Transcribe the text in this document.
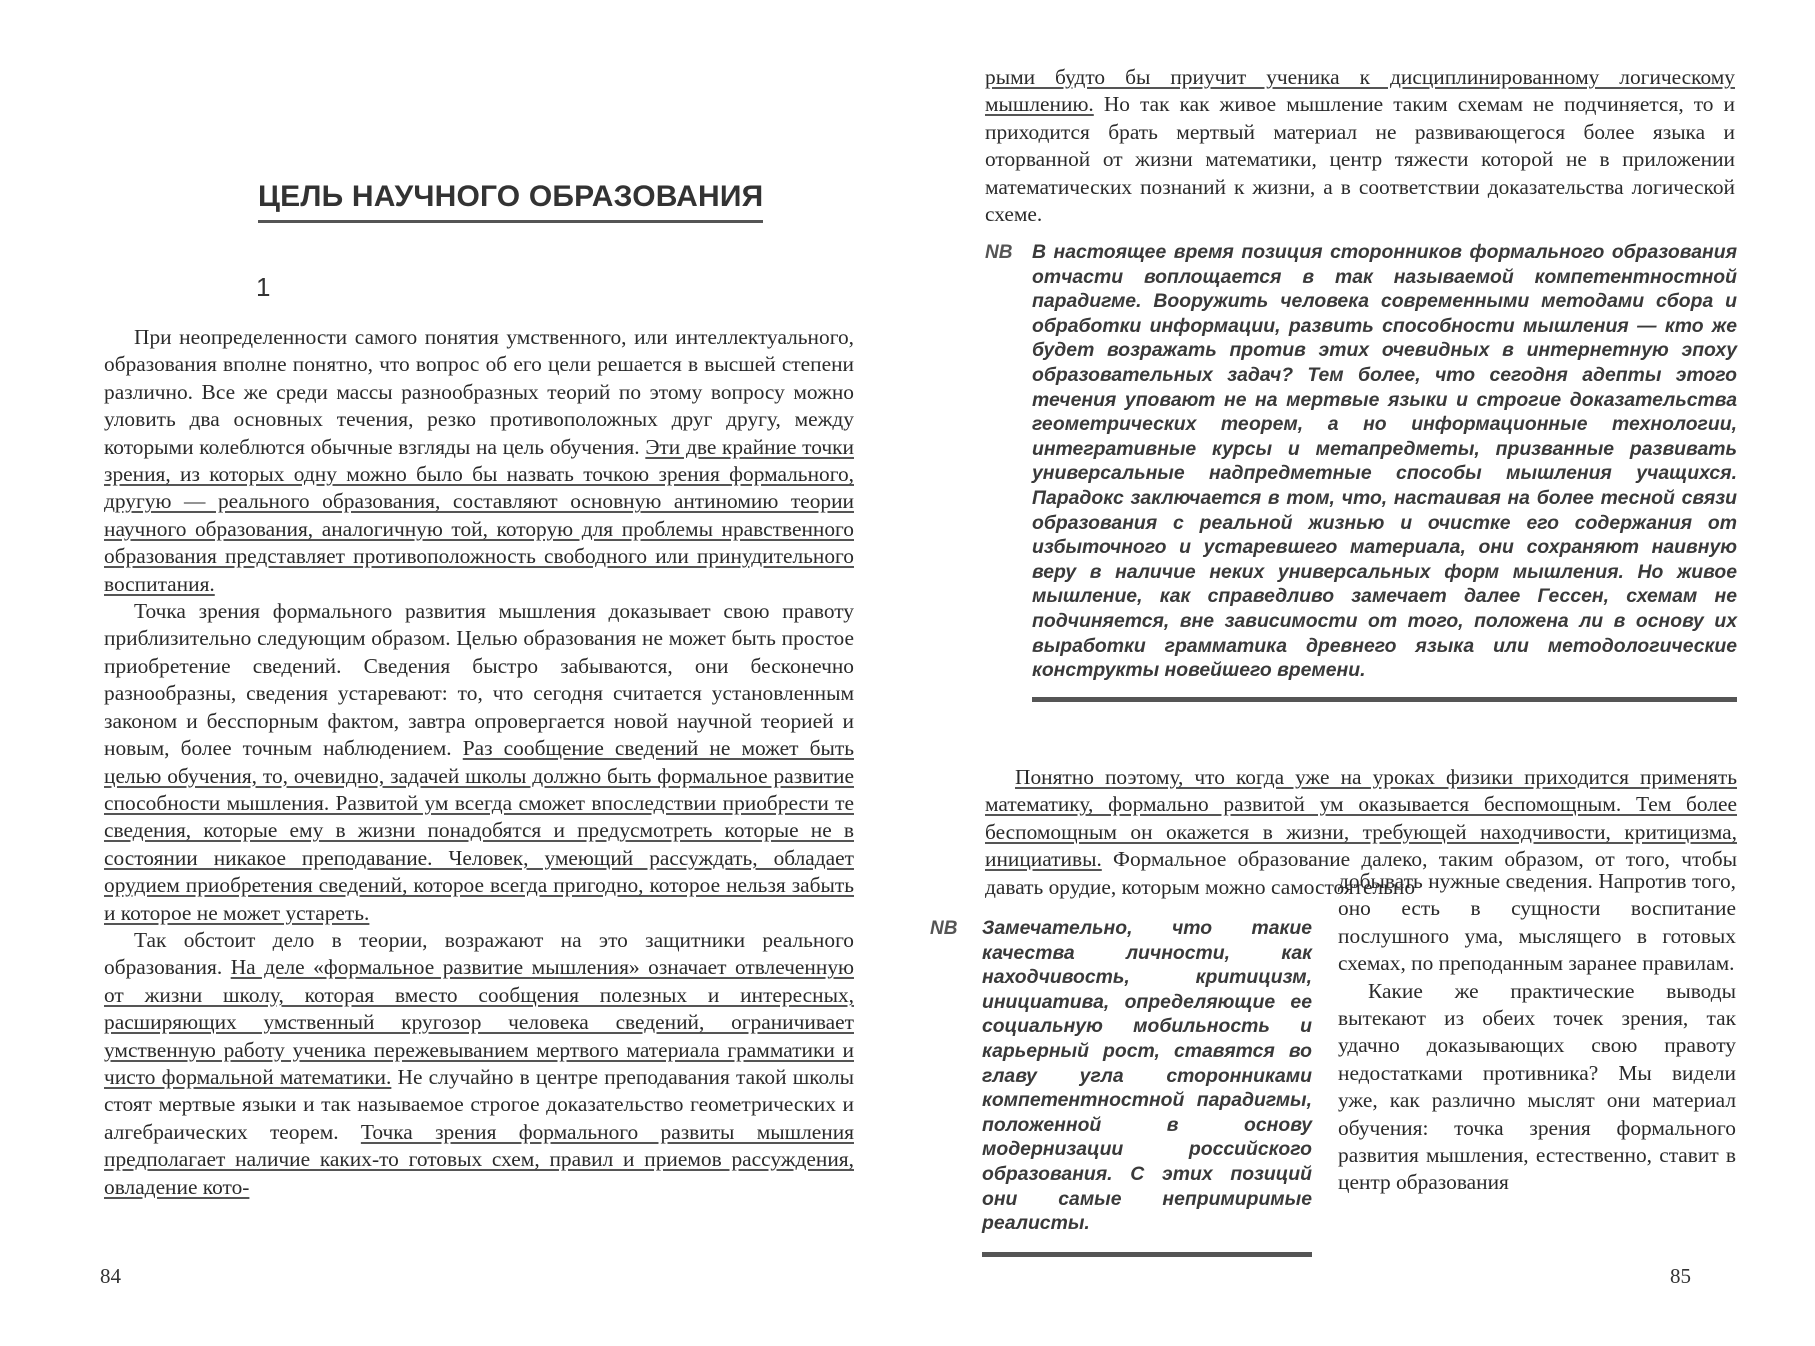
ЦЕЛЬ НАУЧНОГО ОБРАЗОВАНИЯ
1

При неопределенности самого понятия умственного, или интеллектуального, образования вполне понятно, что вопрос об его цели решается в высшей степени различно. Все же среди массы разнообразных теорий по этому вопросу можно уловить два основных течения, резко противоположных друг другу, между которыми колеблются обычные взгляды на цель обучения. Эти две крайние точки зрения, из которых одну можно было бы назвать точкою зрения формального, другую — реального образования, составляют основную антиномию теории научного образования, аналогичную той, которую для проблемы нравственного образования представляет противоположность свободного или принудительного воспитания.

Точка зрения формального развития мышления доказывает свою правоту приблизительно следующим образом. Целью образования не может быть простое приобретение сведений. Сведения быстро забываются, они бесконечно разнообразны, сведения устаревают: то, что сегодня считается установленным законом и бесспорным фактом, завтра опровергается новой научной теорией и новым, более точным наблюдением. Раз сообщение сведений не может быть целью обучения, то, очевидно, задачей школы должно быть формальное развитие способности мышления. Развитой ум всегда сможет впоследствии приобрести те сведения, которые ему в жизни понадобятся и предусмотреть которые не в состоянии никакое преподавание. Человек, умеющий рассуждать, обладает орудием приобретения сведений, которое всегда пригодно, которое нельзя забыть и которое не может устареть.

Так обстоит дело в теории, возражают на это защитники реального образования. На деле «формальное развитие мышления» означает отвлеченную от жизни школу, которая вместо сообщения полезных и интересных, расширяющих умственный кругозор человека сведений, ограничивает умственную работу ученика пережевыванием мертвого материала грамматики и чисто формальной математики. Не случайно в центре преподавания такой школы стоят мертвые языки и так называемое строгое доказательство геометрических и алгебраических теорем. Точка зрения формального развиты мышления предполагает наличие каких-то готовых схем, правил и приемов рассуждения, овладение кото-

84

рыми будто бы приучит ученика к дисциплинированному логическому мышлению. Но так как живое мышление таким схемам не подчиняется, то и приходится брать мертвый материал не развивающегося более языка и оторванной от жизни математики, центр тяжести которой не в приложении математических познаний к жизни, а в соответствии доказательства логической схеме.

NB В настоящее время позиция сторонников формального образования отчасти воплощается в так называемой компетентностной парадигме. Вооружить человека современными методами сбора и обработки информации, развить способности мышления — кто же будет возражать против этих очевидных в интернетную эпоху образовательных задач? Тем более, что сегодня адепты этого течения уповают не на мертвые языки и строгие доказательства геометрических теорем, а но информационные технологии, интегративные курсы и метапредметы, призванные развивать универсальные надпредметные способы мышления учащихся. Парадокс заключается в том, что, настаивая на более тесной связи образования с реальной жизнью и очистке его содержания от избыточного и устаревшего материала, они сохраняют наивную веру в наличие неких универсальных форм мышления. Но живое мышление, как справедливо замечает далее Гессен, схемам не подчиняется, вне зависимости от того, положена ли в основу их выработки грамматика древнего языка или методологические конструкты новейшего времени.

Понятно поэтому, что когда уже на уроках физики приходится применять математику, формально развитой ум оказывается беспомощным. Тем более беспомощным он окажется в жизни, требующей находчивости, критицизма, инициативы. Формальное образование далеко, таким образом, от того, чтобы давать орудие, которым можно самостоятельно

NB Замечательно, что такие качества личности, как находчивость, критицизм, инициатива, определяющие ее социальную мобильность и карьерный рост, ставятся во главу угла сторонниками компетентностной парадигмы, положенной в основу модернизации российского образования. С этих позиций они самые непримиримые реалисты.

добывать нужные сведения. Напротив того, оно есть в сущности воспитание послушного ума, мыслящего в готовых схемах, по преподанным заранее правилам.

Какие же практические выводы вытекают из обеих точек зрения, так удачно доказывающих свою правоту недостатками противника? Мы видели уже, как различно мыслят они материал обучения: точка зрения формального развития мышления, естественно, ставит в центр образования

85
